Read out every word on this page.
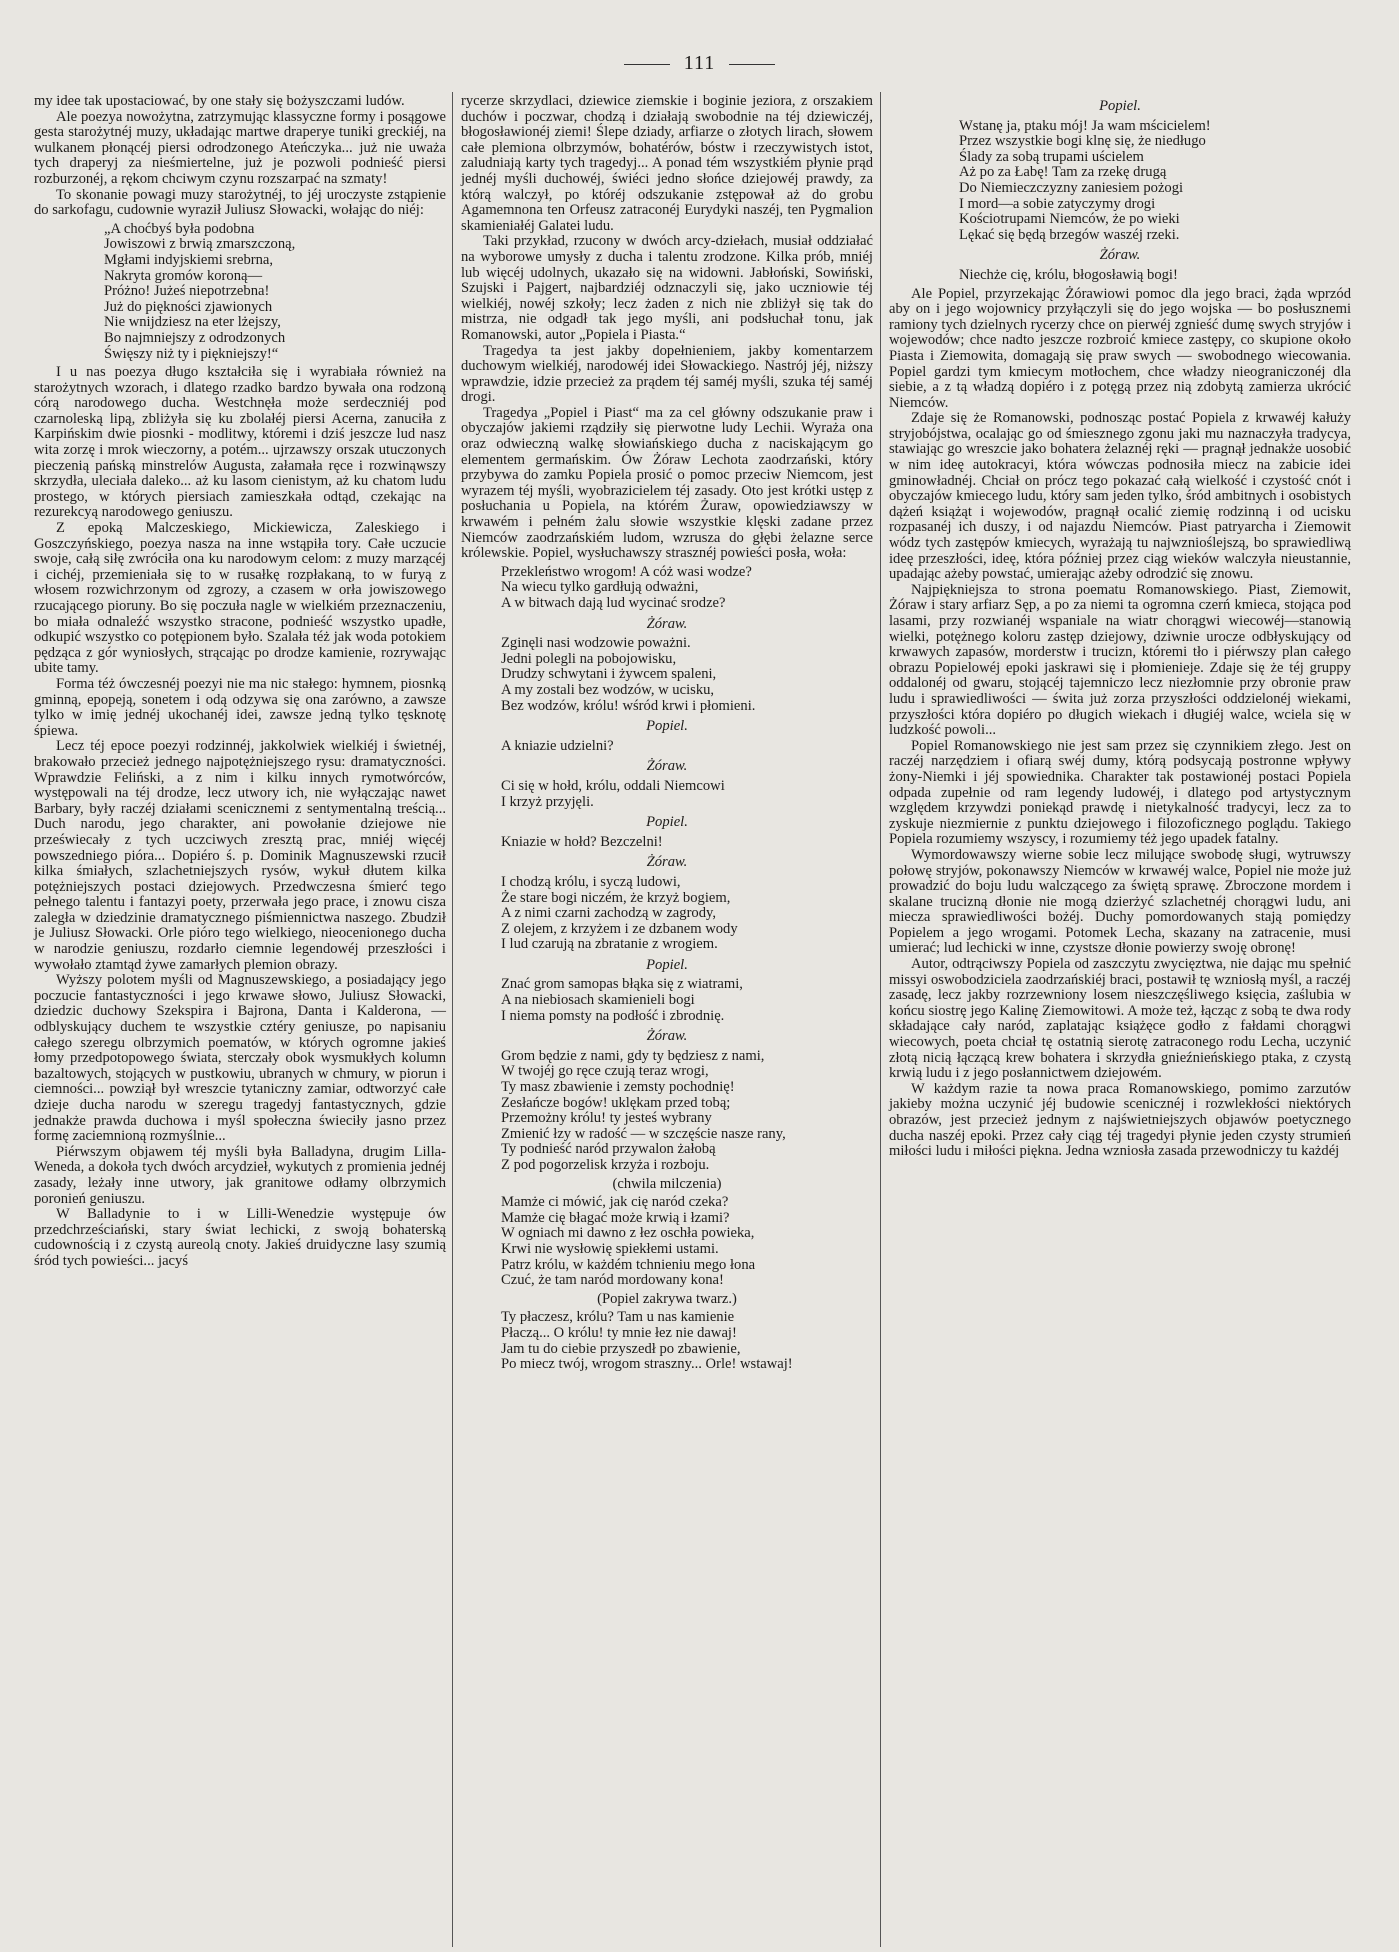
111
my idee tak upostaciować, by one stały się bożyszczami ludów.
Ale poezya nowożytna, zatrzymując klassyczne formy i posągowe gesta starożytnéj muzy, układając martwe draperye tuniki greckiéj, na wulkanem płonącéj piersi odrodzonego Ateńczyka... już nie uważa tych draperyj za nieśmiertelne, już je pozwoli podnieść piersi rozburzonéj, a rękom chciwym czynu rozszarpać na szmaty!
To skonanie powagi muzy starożytnéj, to jéj uroczyste zstąpienie do sarkofagu, cudownie wyraził Juliusz Słowacki, wołając do niéj:
„A choćbyś była podobna
Jowiszowi z brwią zmarszczoną,
Mgłami indyjskiemi srebrna,
Nakryta gromów koroną—
Próżno! Jużeś niepotrzebna!
Już do piękności zjawionych
Nie wnijdziesz na eter lżejszy,
Bo najmniejszy z odrodzonych
Święszy niż ty i piękniejszy!“
I u nas poezya długo kształciła się i wyrabiała również na starożytnych wzorach, i dlatego rzadko bardzo bywała ona rodzoną córą narodowego ducha. Westchnęła może serdeczniéj pod czarnoleską lipą, zbliżyła się ku zbolałéj piersi Acerna, zanuciła z Karpińskim dwie piosnki - modlitwy, któremi i dziś jeszcze lud nasz wita zorzę i mrok wieczorny, a potém... ujrzawszy orszak utuczonych pieczenią pańską minstrelów Augusta, załamała ręce i rozwinąwszy skrzydła, uleciała daleko... aż ku lasom cienistym, aż ku chatom ludu prostego, w których piersiach zamieszkała odtąd, czekając na rezurekcyą narodowego geniuszu.
Z epoką Malczeskiego, Mickiewicza, Zaleskiego i Goszczyńskiego, poezya nasza na inne wstąpiła tory. Całe uczucie swoje, całą siłę zwróciła ona ku narodowym celom: z muzy marzącéj i cichéj, przemieniała się to w rusałkę rozpłakaną, to w furyą z włosem rozwichrzonym od zgrozy, a czasem w orła jowiszowego rzucającego pioruny. Bo się poczuła nagle w wielkiém przeznaczeniu, bo miała odnaleźć wszystko stracone, podnieść wszystko upadłe, odkupić wszystko co potępionem było. Szalała téż jak woda potokiem pędząca z gór wyniosłych, strącając po drodze kamienie, rozrywając ubite tamy.
Forma téż ówczesnéj poezyi nie ma nic stałego: hymnem, piosnką gminną, epopeją, sonetem i odą odzywa się ona zarówno, a zawsze tylko w imię jednéj ukochanéj idei, zawsze jedną tylko tęsknotę śpiewa.
Lecz téj epoce poezyi rodzinnéj, jakkolwiek wielkiéj i świetnéj, brakowało przecież jednego najpotężniejszego rysu: dramatyczności. Wprawdzie Feliński, a z nim i kilku innych rymotwórców, występowali na téj drodze, lecz utwory ich, nie wyłączając nawet Barbary, były raczéj działami scenicznemi z sentymentalną treścią... Duch narodu, jego charakter, ani powołanie dziejowe nie przeświecały z tych uczciwych zresztą prac, mniéj więcéj powszedniego pióra... Dopiéro ś. p. Dominik Magnuszewski rzucił kilka śmiałych, szlachetniejszych rysów, wykuł dłutem kilka potężniejszych postaci dziejowych. Przedwczesna śmierć tego pełnego talentu i fantazyi poety, przerwała jego prace, i znowu cisza zaległa w dziedzinie dramatycznego piśmiennictwa naszego. Zbudził je Juliusz Słowacki. Orle pióro tego wielkiego, nieocenionego ducha w narodzie geniuszu, rozdarło ciemnie legendowéj przeszłości i wywołało ztamtąd żywe zamarłych plemion obrazy.
Wyższy polotem myśli od Magnuszewskiego, a posiadający jego poczucie fantastyczności i jego krwawe słowo, Juliusz Słowacki, dziedzic duchowy Szekspira i Bajrona, Danta i Kalderona, — odblyskujący duchem te wszystkie cztéry geniusze, po napisaniu całego szeregu olbrzymich poematów, w których ogromne jakieś łomy przedpotopowego świata, sterczały obok wysmukłych kolumn bazaltowych, stojących w pustkowiu, ubranych w chmury, w piorun i ciemności... powziął był wreszcie tytaniczny zamiar, odtworzyć całe dzieje ducha narodu w szeregu tragedyj fantastycznych, gdzie jednakże prawda duchowa i myśl społeczna świeciły jasno przez formę zaciemnioną rozmyślnie...
Piérwszym objawem téj myśli była Balladyna, drugim Lilla-Weneda, a dokoła tych dwóch arcydzieł, wykutych z promienia jednéj zasady, leżały inne utwory, jak granitowe odłamy olbrzymich poronień geniuszu.
W Balladynie to i w Lilli-Wenedzie występuje ów przedchrześciański, stary świat lechicki, z swoją bohaterską cudownością i z czystą aureolą cnoty. Jakieś druidyczne lasy szumią śród tych powieści... jacyś
rycerze skrzydlaci, dziewice ziemskie i boginie jeziora, z orszakiem duchów i poczwar, chodzą i działają swobodnie na téj dziewiczéj, błogosławionéj ziemi! Ślepe dziady, arfiarze o złotych lirach, słowem całe plemiona olbrzymów, bohatérów, bóstw i rzeczywistych istot, zaludniają karty tych tragedyj... A ponad tém wszystkiém płynie prąd jednéj myśli duchowéj, świéci jedno słońce dziejowéj prawdy, za którą walczył, po któréj odszukanie zstępował aż do grobu Agamemnona ten Orfeusz zatraconéj Eurydyki naszéj, ten Pygmalion skamieniałéj Galatei ludu.
Taki przykład, rzucony w dwóch arcy-dziełach, musiał oddziałać na wyborowe umysły z ducha i talentu zrodzone. Kilka prób, mniéj lub więcéj udolnych, ukazało się na widowni. Jabłoński, Sowiński, Szujski i Pajgert, najbardziéj odznaczyli się, jako uczniowie téj wielkiéj, nowéj szkoły; lecz żaden z nich nie zbliżył się tak do mistrza, nie odgadł tak jego myśli, ani podsłuchał tonu, jak Romanowski, autor „Popiela i Piasta.“
Tragedya ta jest jakby dopełnieniem, jakby komentarzem duchowym wielkiéj, narodowéj idei Słowackiego. Nastrój jéj, niższy wprawdzie, idzie przecież za prądem téj saméj myśli, szuka téj saméj drogi.
Tragedya „Popiel i Piast“ ma za cel główny odszukanie praw i obyczajów jakiemi rządziły się pierwotne ludy Lechii. Wyraża ona oraz odwieczną walkę słowiańskiego ducha z naciskającym go elementem germańskim. Ów Żóraw Lechota zaodrzański, który przybywa do zamku Popiela prosić o pomoc przeciw Niemcom, jest wyrazem téj myśli, wyobrazicielem téj zasady. Oto jest krótki ustęp z posłuchania u Popiela, na którém Żuraw, opowiedziawszy w krwawém i pełném żalu słowie wszystkie klęski zadane przez Niemców zaodrzańskiém ludom, wzrusza do głębi żelazne serce królewskie. Popiel, wysłuchawszy strasznéj powieści posła, woła:
Przekleństwo wrogom! A cóż wasi wodze?
Na wiecu tylko gardłują odważni,
A w bitwach dają lud wycinać srodze?
Żóraw.
Zginęli nasi wodzowie poważni.
Jedni polegli na pobojowisku,
Drudzy schwytani i żywcem spaleni,
A my zostali bez wodzów, w ucisku,
Bez wodzów, królu! wśród krwi i płomieni.
Popiel.
A kniazie udzielni?
Żóraw.
Ci się w hołd, królu, oddali Niemcowi
I krzyż przyjęli.
Popiel.
Kniazie w hołd? Bezczelni!
Żóraw.
I chodzą królu, i syczą ludowi,
Że stare bogi niczém, że krzyż bogiem,
A z nimi czarni zachodzą w zagrody,
Z olejem, z krzyżem i ze dzbanem wody
I lud czarują na zbratanie z wrogiem.
Popiel.
Znać grom samopas błąka się z wiatrami,
A na niebiosach skamienieli bogi
I niema pomsty na podłość i zbrodnię.
Żóraw.
Grom będzie z nami, gdy ty będziesz z nami,
W twojéj go ręce czują teraz wrogi,
Ty masz zbawienie i zemsty pochodnię!
Zesłańcze bogów! uklękam przed tobą;
Przemożny królu! ty jesteś wybrany
Zmienić łzy w radość — w szczęście nasze rany,
Ty podnieść naród przywalon żałobą
Z pod pogorzelisk krzyża i rozboju.
(chwila milczenia)
Mamże ci mówić, jak cię naród czeka?
Mamże cię błagać może krwią i łzami?
W ogniach mi dawno z łez oschła powieka,
Krwi nie wysłowię spiekłemi ustami.
Patrz królu, w każdém tchnieniu mego łona
Czuć, że tam naród mordowany kona!
(Popiel zakrywa twarz.)
Ty płaczesz, królu? Tam u nas kamienie
Płaczą... O królu! ty mnie łez nie dawaj!
Jam tu do ciebie przyszedł po zbawienie,
Po miecz twój, wrogom straszny... Orle! wstawaj!
Popiel.
Wstanę ja, ptaku mój! Ja wam mścicielem!
Przez wszystkie bogi klnę się, że niedługo
Ślady za sobą trupami uścielem
Aż po za Łabę! Tam za rzekę drugą
Do Niemieczczyzny zaniesiem pożogi
I mord—a sobie zatyczymy drogi
Kościotrupami Niemców, że po wieki
Lękać się będą brzegów waszéj rzeki.
Żóraw.
Niechże cię, królu, błogosławią bogi!
Ale Popiel, przyrzekając Żórawiowi pomoc dla jego braci, żąda wprzód aby on i jego wojownicy przyłączyli się do jego wojska — bo posłusznemi ramiony tych dzielnych rycerzy chce on pierwéj zgnieść dumę swych stryjów i wojewodów; chce nadto jeszcze rozbroić kmiece zastępy, co skupione około Piasta i Ziemowita, domagają się praw swych — swobodnego wiecowania. Popiel gardzi tym kmiecym motłochem, chce władzy nieograniczonéj dla siebie, a z tą władzą dopiéro i z potęgą przez nią zdobytą zamierza ukrócić Niemców.
Zdaje się że Romanowski, podnosząc postać Popiela z krwawéj kałuży stryjobójstwa, ocalając go od śmiesznego zgonu jaki mu naznaczyła tradycya, stawiając go wreszcie jako bohatera żelaznéj ręki — pragnął jednakże uosobić w nim ideę autokracyi, która wówczas podnosiła miecz na zabicie idei gminowładnéj. Chciał on prócz tego pokazać całą wielkość i czystość cnót i obyczajów kmiecego ludu, który sam jeden tylko, śród ambitnych i osobistych dążeń książąt i wojewodów, pragnął ocalić ziemię rodzinną i od ucisku rozpasanéj ich duszy, i od najazdu Niemców. Piast patryarcha i Ziemowit wódz tych zastępów kmiecych, wyrażają tu najwznioślejszą, bo sprawiedliwą ideę przeszłości, ideę, która później przez ciąg wieków walczyła nieustannie, upadając ażeby powstać, umierając ażeby odrodzić się znowu.
Najpiękniejsza to strona poematu Romanowskiego. Piast, Ziemowit, Żóraw i stary arfiarz Sęp, a po za niemi ta ogromna czerń kmieca, stojąca pod lasami, przy rozwianéj wspaniale na wiatr chorągwi wiecowéj—stanowią wielki, potężnego koloru zastęp dziejowy, dziwnie urocze odbłyskujący od krwawych zapasów, morderstw i trucizn, któremi tło i piérwszy plan całego obrazu Popielowéj epoki jaskrawi się i płomienieje. Zdaje się że téj gruppy oddalonéj od gwaru, stojącéj tajemniczo lecz niezłomnie przy obronie praw ludu i sprawiedliwości — świta już zorza przyszłości oddzielonéj wiekami, przyszłości która dopiéro po długich wiekach i długiéj walce, wciela się w ludzkość powoli...
Popiel Romanowskiego nie jest sam przez się czynnikiem złego. Jest on raczéj narzędziem i ofiarą swéj dumy, którą podsycają postronne wpływy żony-Niemki i jéj spowiednika. Charakter tak postawionéj postaci Popiela odpada zupełnie od ram legendy ludowéj, i dlatego pod artystycznym względem krzywdzi poniekąd prawdę i nietykalność tradycyi, lecz za to zyskuje niezmiernie z punktu dziejowego i filozoficznego poglądu. Takiego Popiela rozumiemy wszyscy, i rozumiemy téż jego upadek fatalny.
Wymordowawszy wierne sobie lecz milujące swobodę sługi, wytruwszy połowę stryjów, pokonawszy Niemców w krwawéj walce, Popiel nie może już prowadzić do boju ludu walczącego za świętą sprawę. Zbroczone mordem i skalane trucizną dłonie nie mogą dzierżyć szlachetnéj chorągwi ludu, ani miecza sprawiedliwości bożéj. Duchy pomordowanych stają pomiędzy Popielem a jego wrogami. Potomek Lecha, skazany na zatracenie, musi umierać; lud lechicki w inne, czystsze dłonie powierzy swoję obronę!
Autor, odtrąciwszy Popiela od zaszczytu zwycięztwa, nie dając mu spełnić missyi oswobodziciela zaodrzańskiéj braci, postawił tę wzniosłą myśl, a raczéj zasadę, lecz jakby rozrzewniony losem nieszczęśliwego księcia, zaślubia w końcu siostrę jego Kalinę Ziemowitowi. A może też, łącząc z sobą te dwa rody składające cały naród, zaplatając książęce godło z fałdami chorągwi wiecowych, poeta chciał tę ostatnią sierotę zatraconego rodu Lecha, uczynić złotą nicią łączącą krew bohatera i skrzydła gnieźnieńskiego ptaka, z czystą krwią ludu i z jego posłannictwem dziejowém.
W każdym razie ta nowa praca Romanowskiego, pomimo zarzutów jakieby można uczynić jéj budowie scenicznéj i rozwlekłości niektórych obrazów, jest przecież jednym z najświetniejszych objawów poetycznego ducha naszéj epoki. Przez cały ciąg téj tragedyi płynie jeden czysty strumień miłości ludu i miłości piękna. Jedna wzniosła zasada przewodniczy tu każdéj
